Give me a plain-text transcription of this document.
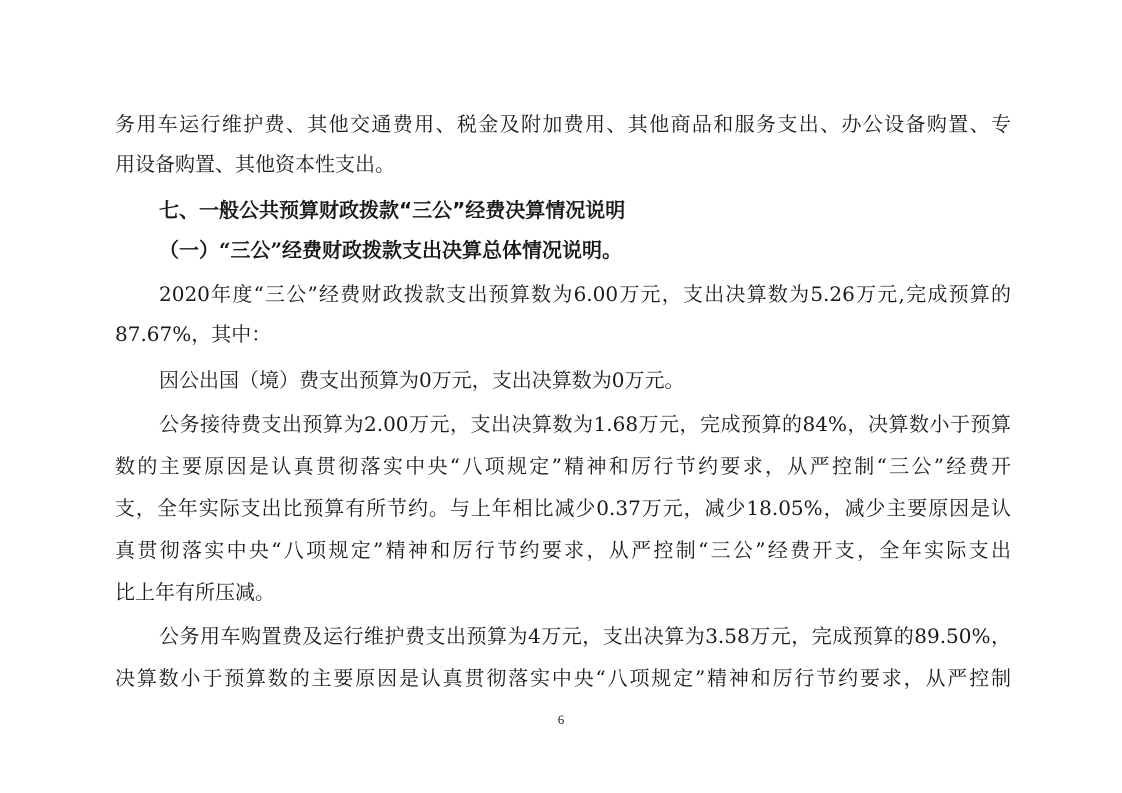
务用车运行维护费、其他交通费用、税金及附加费用、其他商品和服务支出、办公设备购置、专
用设备购置、其他资本性支出。
七、一般公共预算财政拨款“三公”经费决算情况说明
（一）“三公”经费财政拨款支出决算总体情况说明。
2020年度“三公”经费财政拨款支出预算数为6.00万元，支出决算数为5.26万元,完成预算的
87.67%，其中：
因公出国（境）费支出预算为0万元，支出决算数为0万元。
公务接待费支出预算为2.00万元，支出决算数为1.68万元，完成预算的84%，决算数小于预算
数的主要原因是认真贯彻落实中央“八项规定”精神和厉行节约要求，从严控制“三公”经费开
支，全年实际支出比预算有所节约。与上年相比减少0.37万元，减少18.05%，减少主要原因是认
真贯彻落实中央“八项规定”精神和厉行节约要求，从严控制“三公”经费开支，全年实际支出
比上年有所压减。
公务用车购置费及运行维护费支出预算为4万元，支出决算为3.58万元，完成预算的89.50%，
决算数小于预算数的主要原因是认真贯彻落实中央“八项规定”精神和厉行节约要求，从严控制
6
